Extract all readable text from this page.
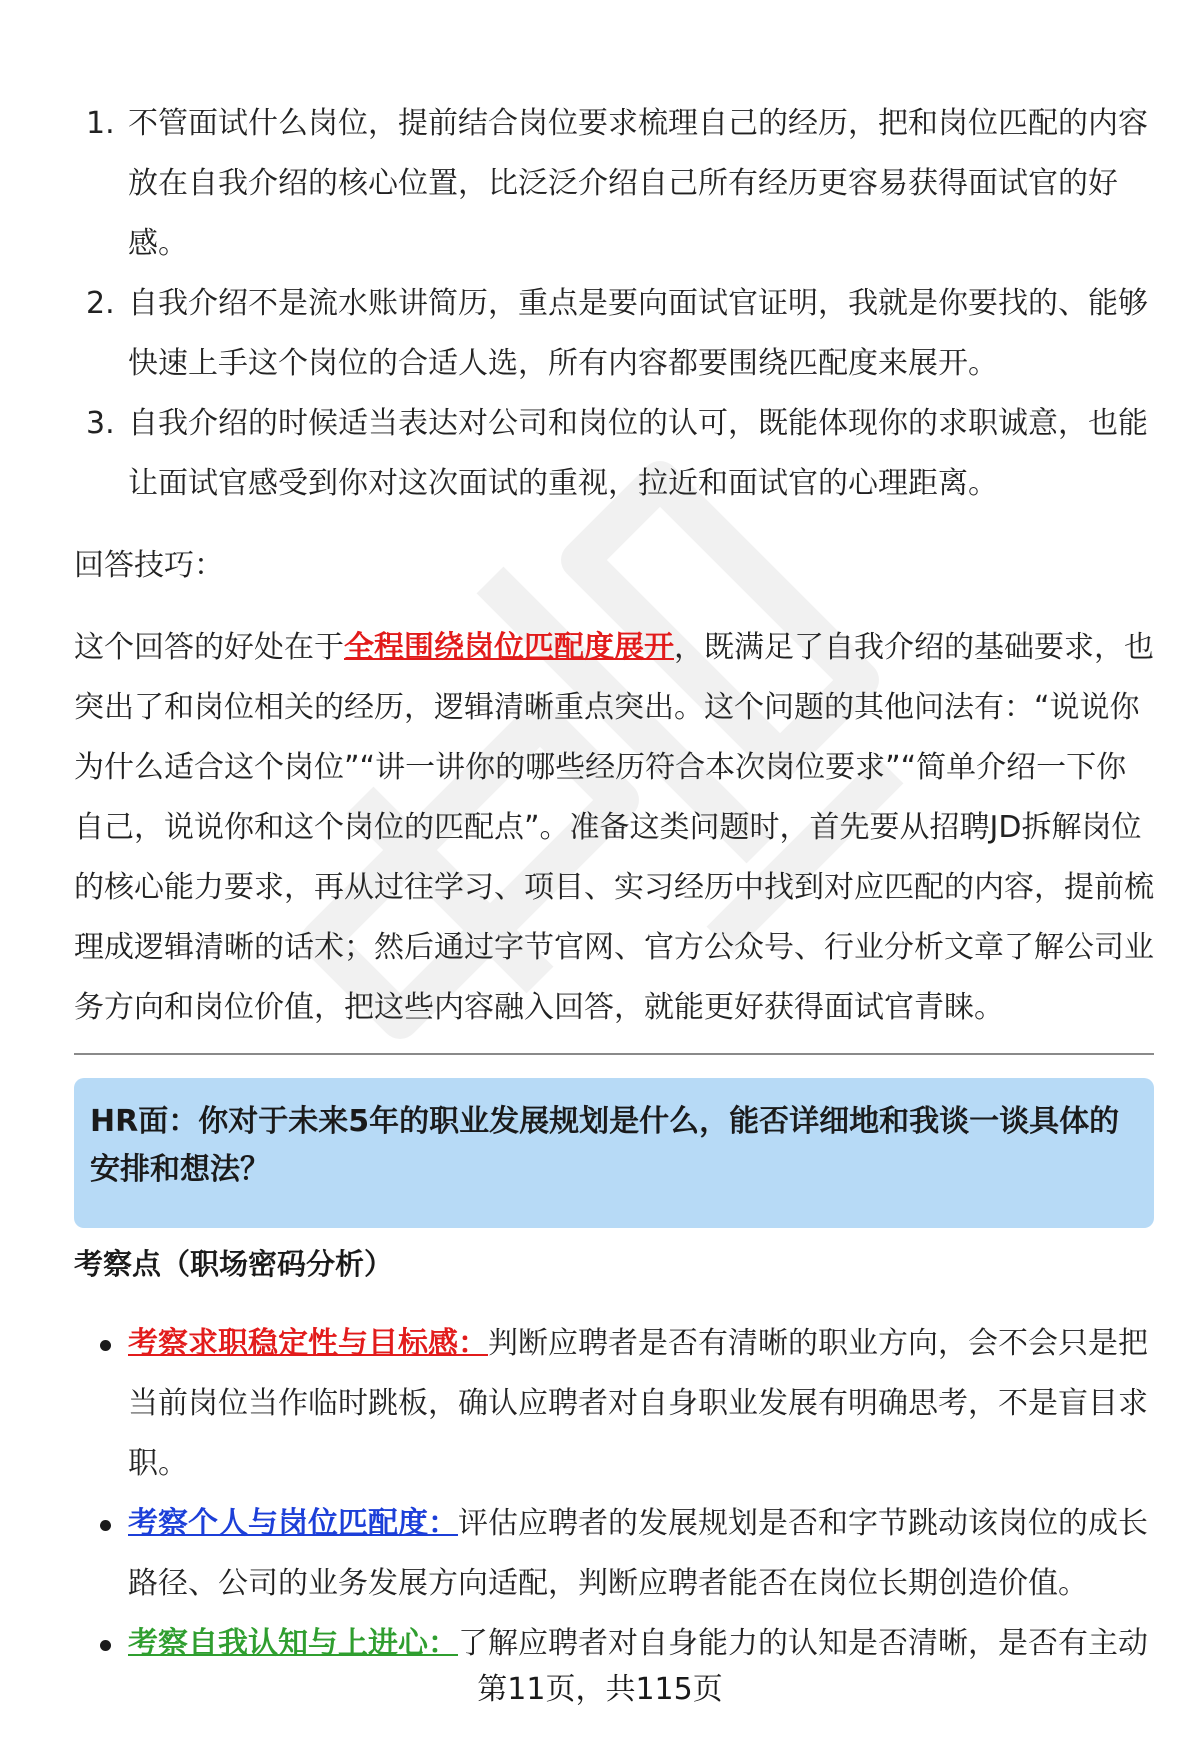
1. 不管面试什么岗位，提前结合岗位要求梳理自己的经历，把和岗位匹配的内容放在自我介绍的核心位置，比泛泛介绍自己所有经历更容易获得面试官的好感。
2. 自我介绍不是流水账讲简历，重点是要向面试官证明，我就是你要找的、能够快速上手这个岗位的合适人选，所有内容都要围绕匹配度来展开。
3. 自我介绍的时候适当表达对公司和岗位的认可，既能体现你的求职诚意，也能让面试官感受到你对这次面试的重视，拉近和面试官的心理距离。

回答技巧：

这个回答的好处在于全程围绕岗位匹配度展开，既满足了自我介绍的基础要求，也突出了和岗位相关的经历，逻辑清晰重点突出。这个问题的其他问法有：“说说你为什么适合这个岗位”“讲一讲你的哪些经历符合本次岗位要求”“简单介绍一下你自己，说说你和这个岗位的匹配点”。准备这类问题时，首先要从招聘JD拆解岗位的核心能力要求，再从过往学习、项目、实习经历中找到对应匹配的内容，提前梳理成逻辑清晰的话术；然后通过字节官网、官方公众号、行业分析文章了解公司业务方向和岗位价值，把这些内容融入回答，就能更好获得面试官青睐。

HR面：你对于未来5年的职业发展规划是什么，能否详细地和我谈一谈具体的安排和想法？
考察点（职场密码分析）
考察求职稳定性与目标感：判断应聘者是否有清晰的职业方向，会不会只是把当前岗位当作临时跳板，确认应聘者对自身职业发展有明确思考，不是盲目求职。
考察个人与岗位匹配度：评估应聘者的发展规划是否和字节跳动该岗位的成长路径、公司的业务发展方向适配，判断应聘者能否在岗位长期创造价值。
考察自我认知与上进心：了解应聘者对自身能力的认知是否清晰，是否有主动
第11页，共115页
